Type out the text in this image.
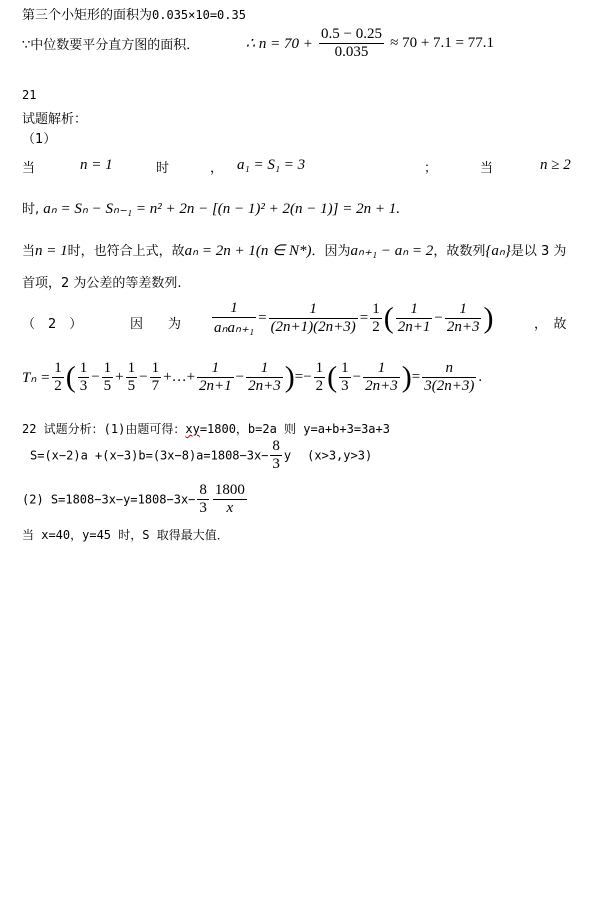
第三个小矩形的面积为0.035×10=0.35
∵中位数要平分直方图的面积．	∴ $n = 70 + \frac{0.5 - 0.25}{0.035} \approx 70 + 7.1 = 77.1$
21
试题解析：
（1）
当	n = 1	时	， a₁ = S₁ = 3	；	当	n ≥ 2
时, aₙ = Sₙ − Sₙ₋₁ = n² + 2n − [(n − 1)² + 2(n − 1)] = 2n + 1.
当n = 1时，也符合上式，故aₙ = 2n + 1(n ∈ N*)．因为aₙ₊₁ − aₙ = 2，故数列{aₙ}是以 3 为
首项，2 为公差的等差数列.
（　2　）	因 为 $\frac{1}{\text{aₙaₙ₊₁}} = \frac{1}{(2n+1)(2n+3)} = \frac{1}{2}$ ( $\frac{1}{2n+1} - \frac{1}{2n+3}$ )	，　故
$T_n = \frac{1}{2}$ ( $\frac{1}{3} - \frac{1}{5} + \frac{1}{5} - \frac{1}{7}$ +…+ $\frac{1}{2n+1} - \frac{1}{2n+3}$ )=− $\frac{1}{2}$ ( $\frac{1}{3} - \frac{1}{2n+3}$ )= $\frac{n}{3(2n+3)}$ .
22 试题分析：(1)由题可得：xy=1800，b=2a 则 y=a+b+3=3a+3
$S=(x-2)a +(x-3)b=(3x-8)a=1808-3x- \frac{8}{3}$ y (x>3,y>3)
(2) $S=1808-3x-y=1808-3x- \frac{8}{3} \frac{1800}{x}$
当 x=40，y=45 时，S 取得最大值．
